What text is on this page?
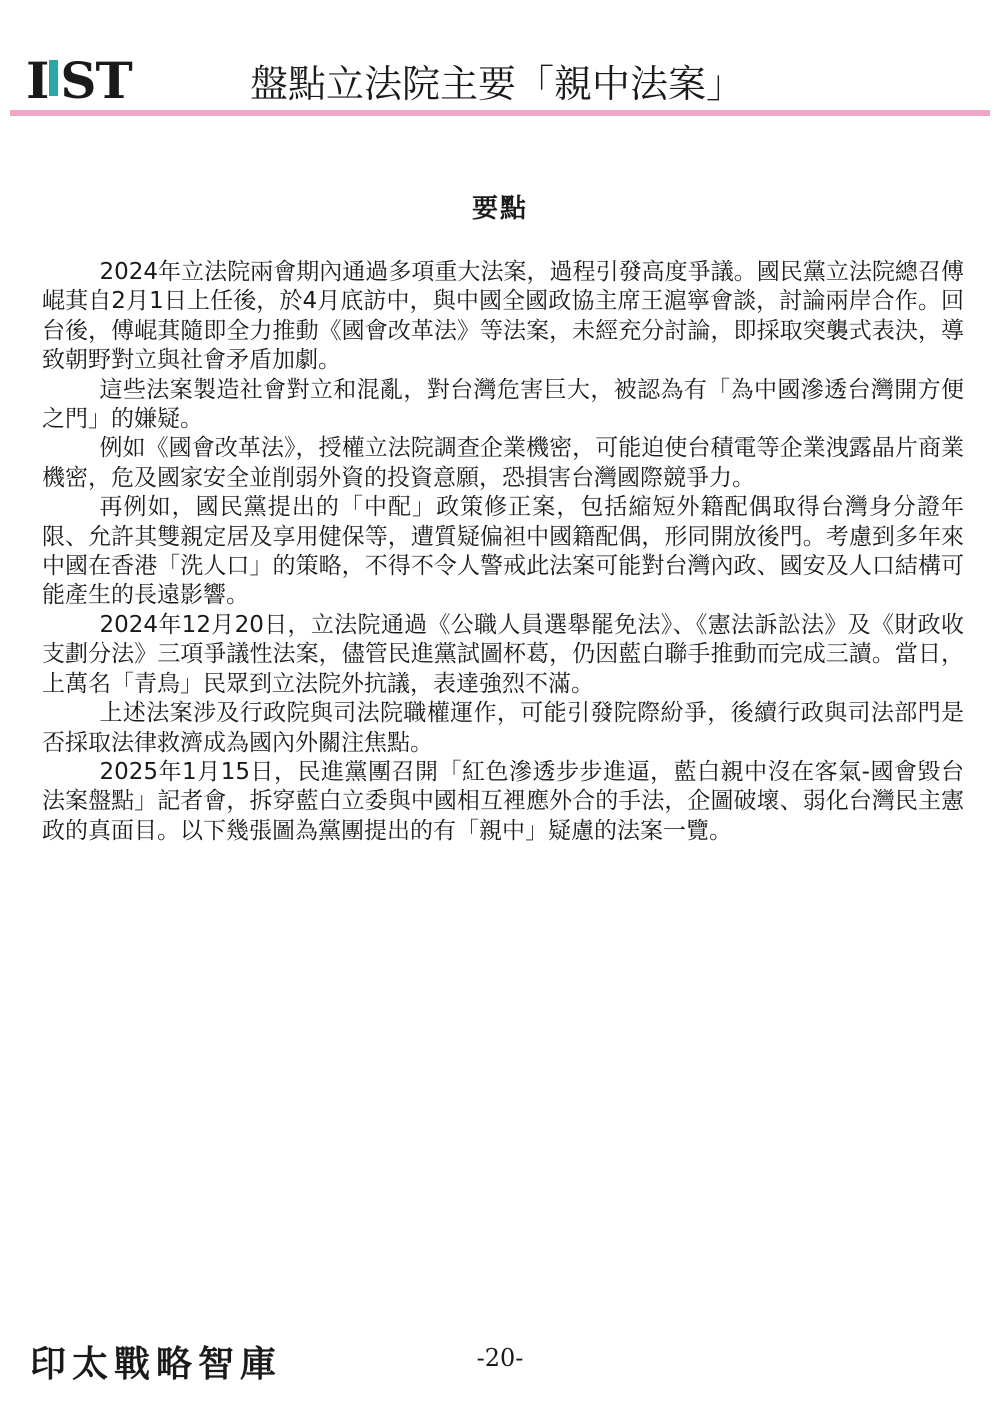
I ST	盤點立法院主要「親中法案」
要點

2024年立法院兩會期內通過多項重大法案，過程引發高度爭議。國民黨立法院總召傅崐萁自2月1日上任後，於4月底訪中，與中國全國政協主席王滬寧會談，討論兩岸合作。回台後，傅崐萁隨即全力推動《國會改革法》等法案，未經充分討論，即採取突襲式表決，導致朝野對立與社會矛盾加劇。

這些法案製造社會對立和混亂，對台灣危害巨大，被認為有「為中國滲透台灣開方便之門」的嫌疑。

例如《國會改革法》，授權立法院調查企業機密，可能迫使台積電等企業洩露晶片商業機密，危及國家安全並削弱外資的投資意願，恐損害台灣國際競爭力。

再例如，國民黨提出的「中配」政策修正案，包括縮短外籍配偶取得台灣身分證年限、允許其雙親定居及享用健保等，遭質疑偏袒中國籍配偶，形同開放後門。考慮到多年來中國在香港「洗人口」的策略，不得不令人警戒此法案可能對台灣內政、國安及人口結構可能產生的長遠影響。

2024年12月20日，立法院通過《公職人員選舉罷免法》、《憲法訴訟法》及《財政收支劃分法》三項爭議性法案，儘管民進黨試圖杯葛，仍因藍白聯手推動而完成三讀。當日，上萬名「青鳥」民眾到立法院外抗議，表達強烈不滿。

上述法案涉及行政院與司法院職權運作，可能引發院際紛爭，後續行政與司法部門是否採取法律救濟成為國內外關注焦點。

2025年1月15日，民進黨團召開「紅色滲透步步進逼，藍白親中沒在客氣-國會毀台法案盤點」記者會，拆穿藍白立委與中國相互裡應外合的手法，企圖破壞、弱化台灣民主憲政的真面目。以下幾張圖為黨團提出的有「親中」疑慮的法案一覽。

印太戰略智庫	-20-
